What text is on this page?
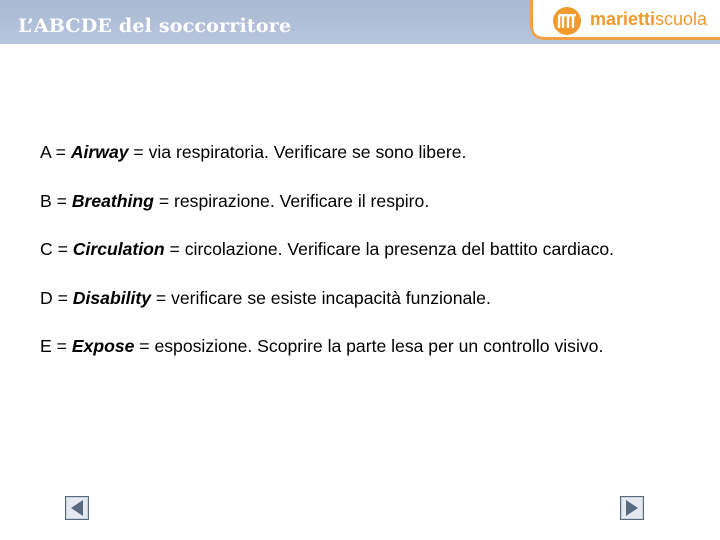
L’ABCDE del soccorritore	mariettiscuola
A = Airway = via respiratoria. Verificare se sono libere.
B = Breathing = respirazione. Verificare il respiro.
C = Circulation = circolazione. Verificare la presenza del battito cardiaco.
D = Disability = verificare se esiste incapacità funzionale.
E = Expose = esposizione. Scoprire la parte lesa per un controllo visivo.
